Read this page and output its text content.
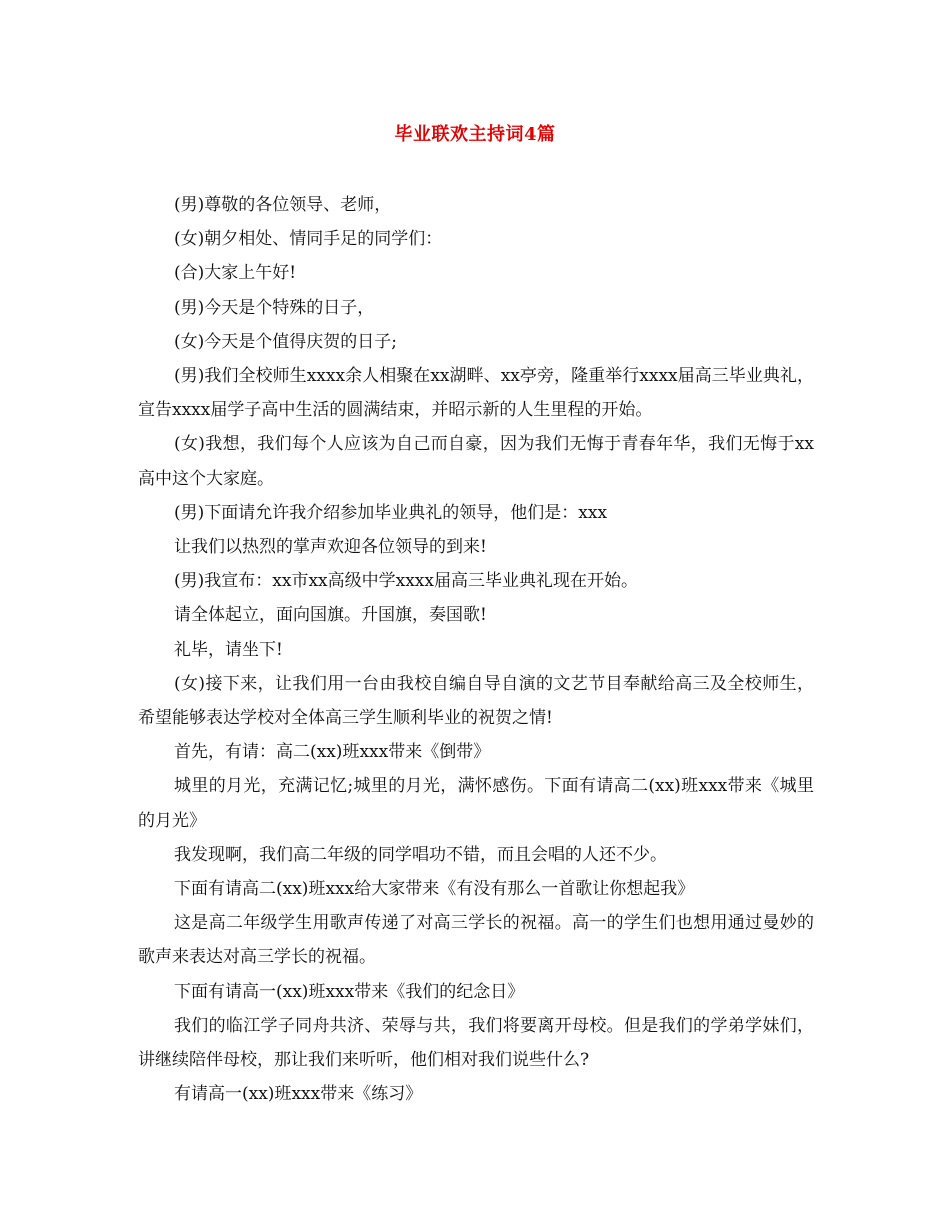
毕业联欢主持词4篇

(男)尊敬的各位领导、老师，

(女)朝夕相处、情同手足的同学们：

(合)大家上午好!

(男)今天是个特殊的日子，

(女)今天是个值得庆贺的日子;

(男)我们全校师生xxxx余人相聚在xx湖畔、xx亭旁，隆重举行xxxx届高三毕业典礼，宣告xxxx届学子高中生活的圆满结束，并昭示新的人生里程的开始。

(女)我想，我们每个人应该为自己而自豪，因为我们无悔于青春年华，我们无悔于xx高中这个大家庭。

(男)下面请允许我介绍参加毕业典礼的领导，他们是：xxx

让我们以热烈的掌声欢迎各位领导的到来!

(男)我宣布：xx市xx高级中学xxxx届高三毕业典礼现在开始。

请全体起立，面向国旗。升国旗，奏国歌!

礼毕，请坐下!

(女)接下来，让我们用一台由我校自编自导自演的文艺节目奉献给高三及全校师生，希望能够表达学校对全体高三学生顺利毕业的祝贺之情!

首先，有请：高二(xx)班xxx带来《倒带》

城里的月光，充满记忆;城里的月光，满怀感伤。下面有请高二(xx)班xxx带来《城里的月光》

我发现啊，我们高二年级的同学唱功不错，而且会唱的人还不少。

下面有请高二(xx)班xxx给大家带来《有没有那么一首歌让你想起我》

这是高二年级学生用歌声传递了对高三学长的祝福。高一的学生们也想用通过曼妙的歌声来表达对高三学长的祝福。

下面有请高一(xx)班xxx带来《我们的纪念日》

我们的临江学子同舟共济、荣辱与共，我们将要离开母校。但是我们的学弟学妹们，讲继续陪伴母校，那让我们来听听，他们相对我们说些什么?

有请高一(xx)班xxx带来《练习》
